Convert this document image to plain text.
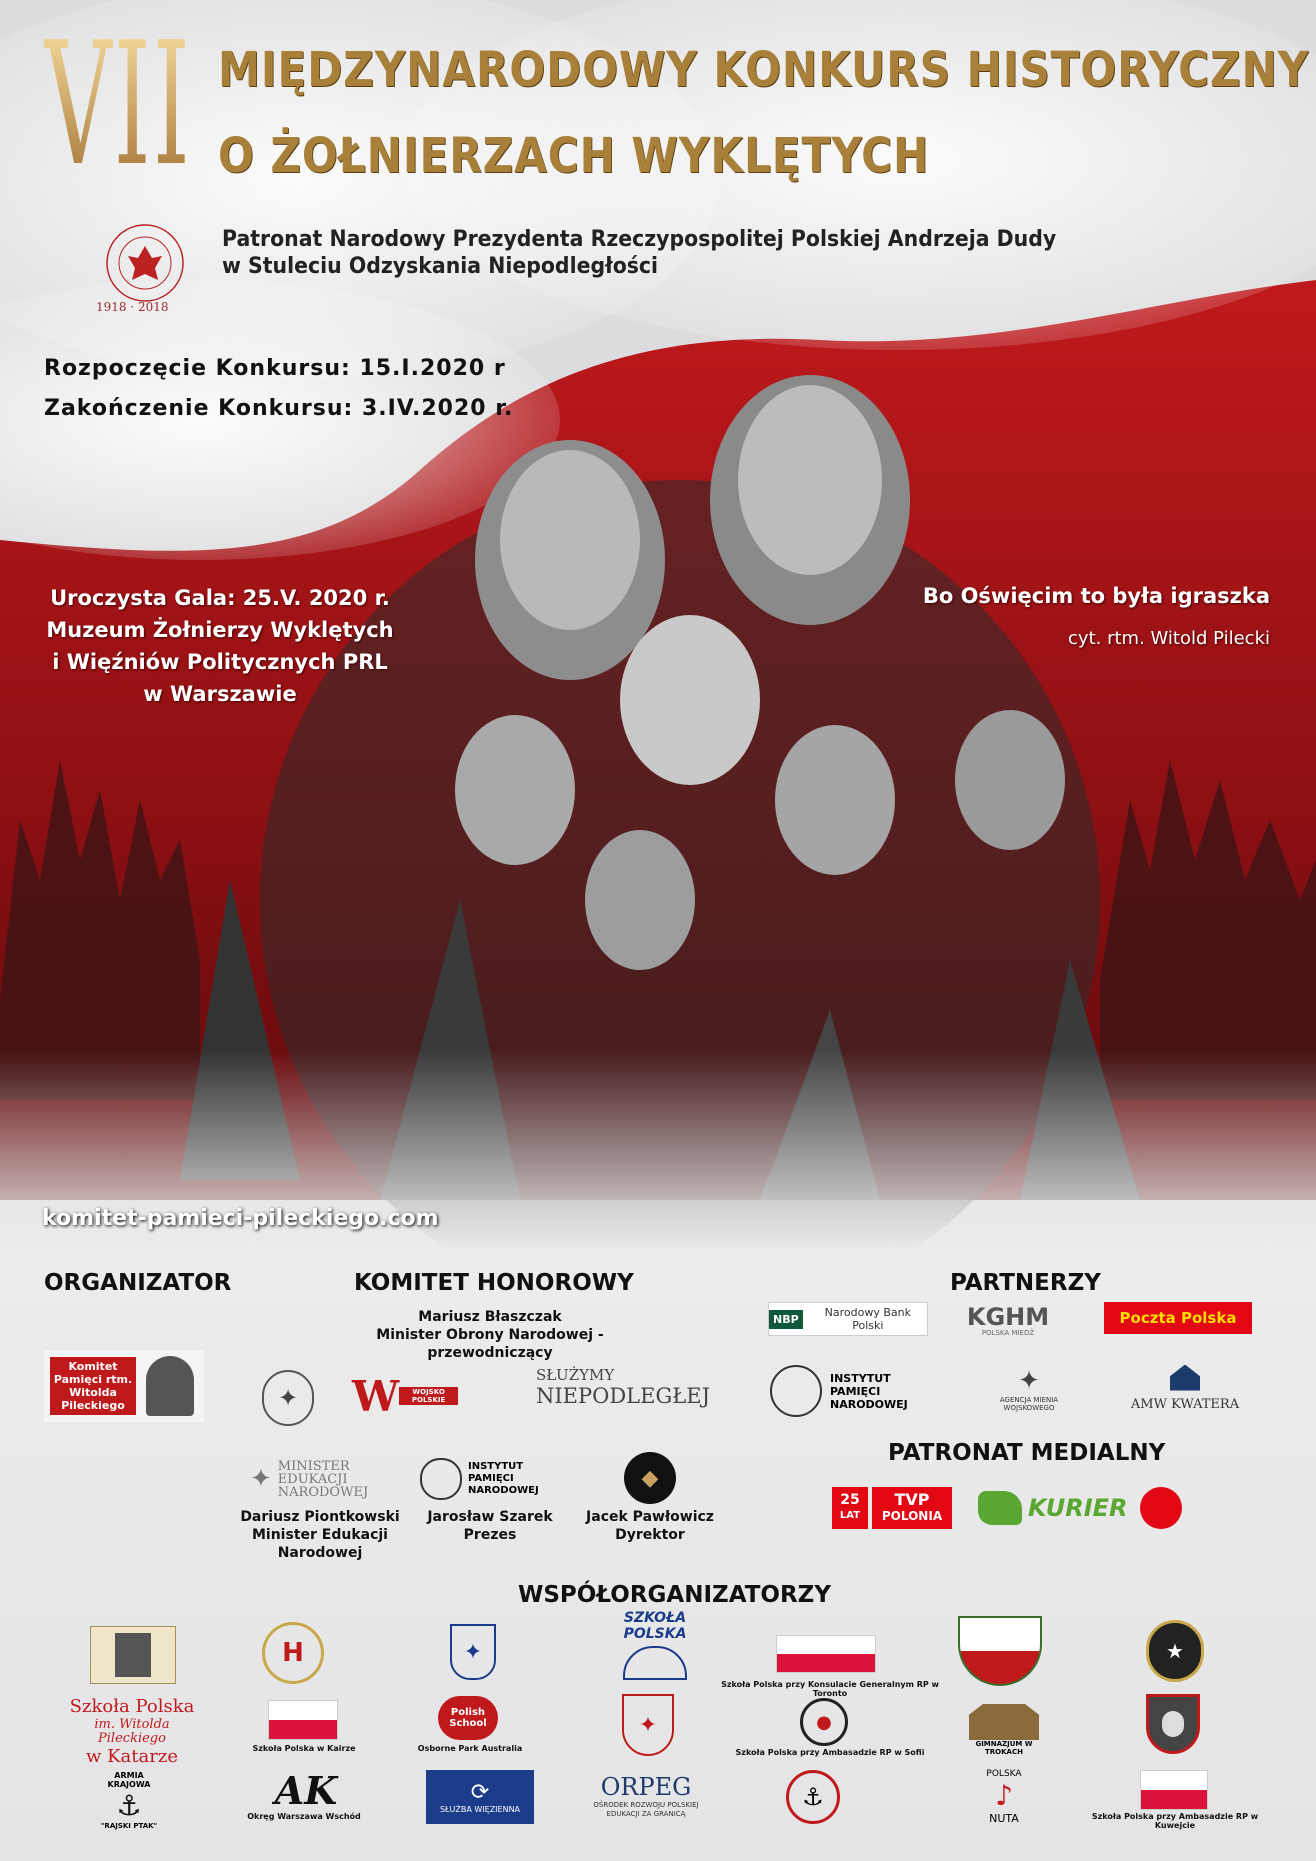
VII MIĘDZYNARODOWY KONKURS HISTORYCZNY
O ŻOŁNIERZACH WYKLĘTYCH
1918 · 2018
Patronat Narodowy Prezydenta Rzeczypospolitej Polskiej Andrzeja Dudy
w Stuleciu Odzyskania Niepodległości
Rozpoczęcie Konkursu: 15.I.2020 r
Zakończenie Konkursu: 3.IV.2020 r.
Uroczysta Gala: 25.V. 2020 r.
Muzeum Żołnierzy Wyklętych
i Więźniów Politycznych PRL
w Warszawie
Bo Oświęcim to była igraszka
cyt. rtm. Witold Pilecki
komitet-pamieci-pileckiego.com
ORGANIZATOR	KOMITET HONOROWY	PARTNERZY
PATRONAT MEDIALNY
WSPÓŁORGANIZATORZY
Komitet Pamięci rtm. Witolda Pileckiego
Mariusz Błaszczak
Minister Obrony Narodowej - przewodniczący
✦ W	WOJSKO POLSKIE
SŁUŻYMY
NIEPODLEGŁEJ
✦ MINISTER EDUKACJI NARODOWEJ
INSTYTUT PAMIĘCI NARODOWEJ	◆
Dariusz Piontkowski
Minister Edukacji Narodowej
Jarosław Szarek
Prezes
Jacek Pawłowicz
Dyrektor
NBP	Narodowy Bank Polski	KGHM
POLSKA MIEDŹ
Poczta Polska
INSTYTUT PAMIĘCI NARODOWEJ
✦
AGENCJA MIENIA WOJSKOWEGO	AMW KWATERA
25
LAT
TVP
POLONIA	KURIER
H	✦
SZKOŁA POLSKA
Szkoła Polska przy Konsulacie Generalnym RP w Toronto
★
Szkoła Polska
im. Witolda Pileckiego
w Katarze	Szkoła Polska w Kairze
Polish School
Osborne Park Australia
✦	●
Szkoła Polska przy Ambasadzie RP w Sofii
GIMNAZJUM W TROKACH
ARMIA KRAJOWA
⚓
"RAJSKI PTAK"
AK
Okręg Warszawa Wschód
⟳
SŁUŻBA WIĘZIENNA
ORPEG
OŚRODEK ROZWOJU POLSKIEJ EDUKACJI ZA GRANICĄ
⚓
POLSKA
♪
NUTA	Szkoła Polska przy Ambasadzie RP w Kuwejcie
